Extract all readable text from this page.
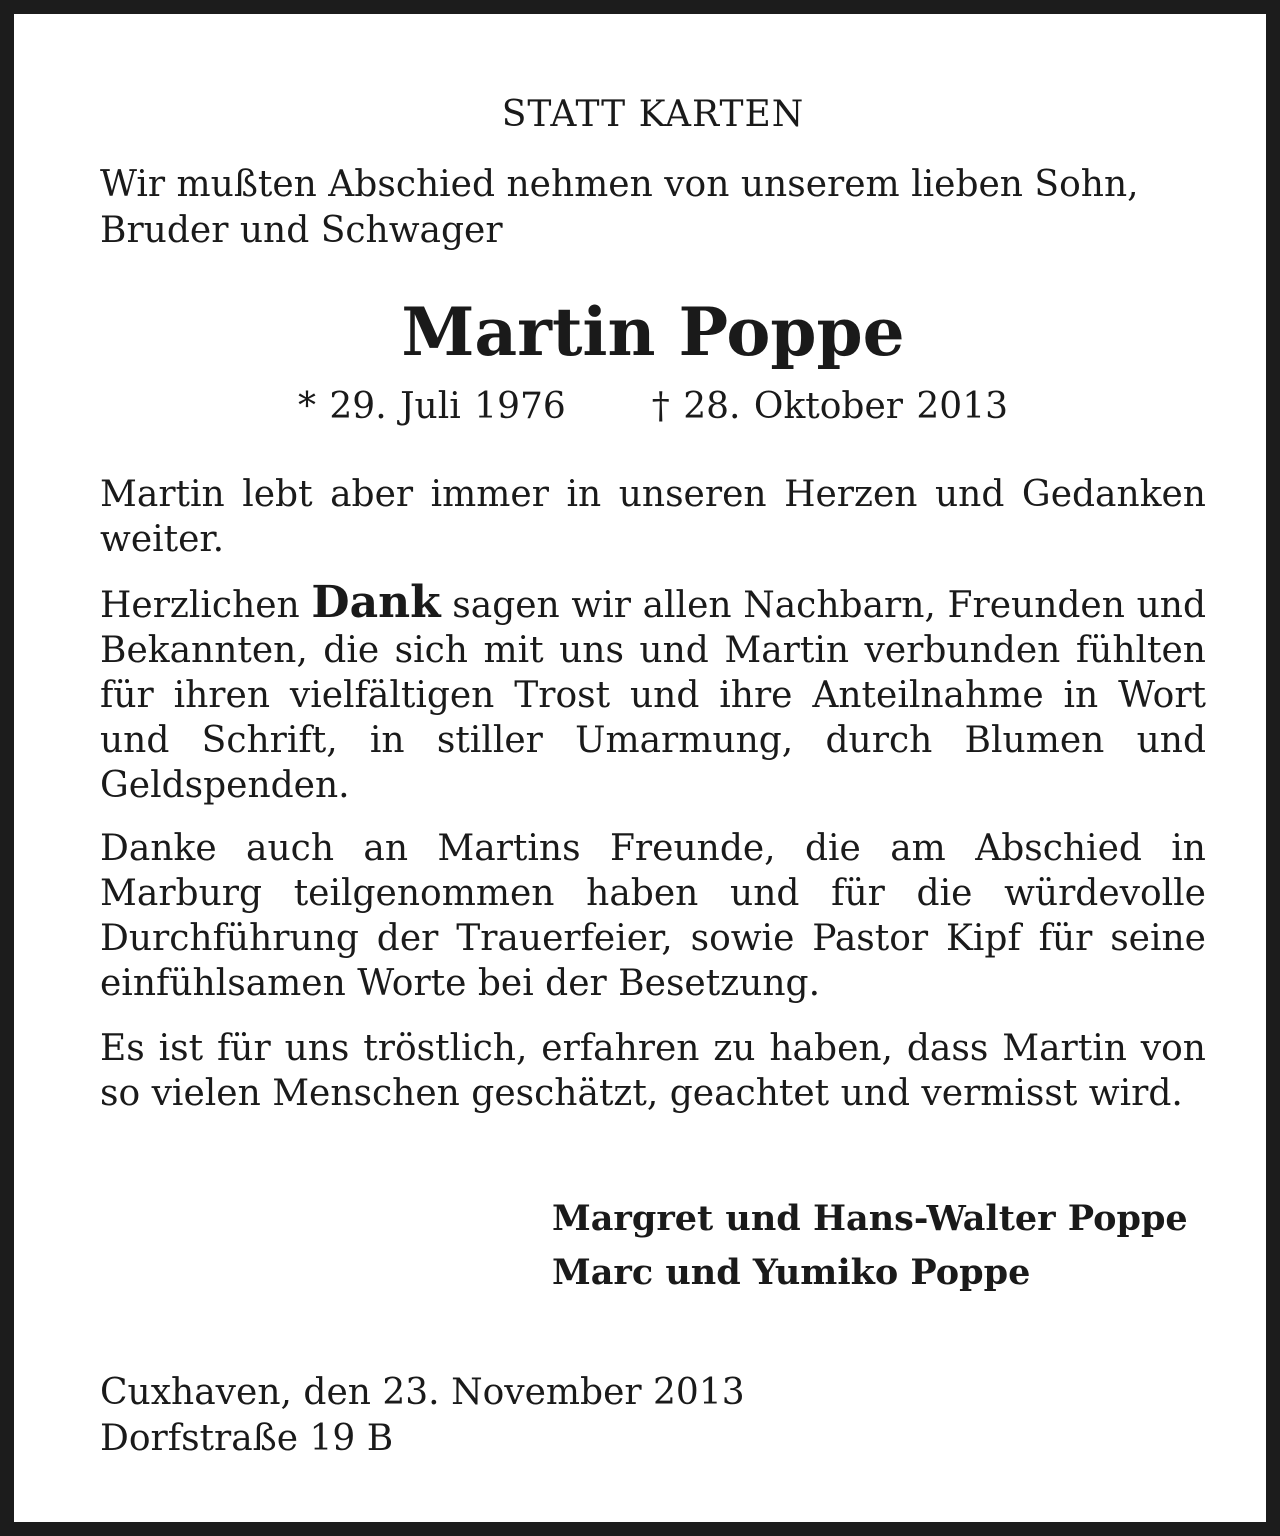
STATT KARTEN
Wir mußten Abschied nehmen von unserem lieben Sohn,
Bruder und Schwager
Martin Poppe
* 29. Juli 1976 † 28. Oktober 2013
Martin lebt aber immer in unseren Herzen und Gedanken weiter.
Herzlichen Dank sagen wir allen Nachbarn, Freunden und Bekannten, die sich mit uns und Martin verbunden fühlten für ihren vielfältigen Trost und ihre Anteilnahme in Wort und Schrift, in stiller Umarmung, durch Blumen und Geldspenden.
Danke auch an Martins Freunde, die am Abschied in Marburg teilgenommen haben und für die würdevolle Durchführung der Trauerfeier, sowie Pastor Kipf für seine einfühlsamen Worte bei der Besetzung.
Es ist für uns tröstlich, erfahren zu haben, dass Martin von so vielen Menschen geschätzt, geachtet und vermisst wird.
Margret und Hans-Walter Poppe
Marc und Yumiko Poppe
Cuxhaven, den 23. November 2013
Dorfstraße 19 B
